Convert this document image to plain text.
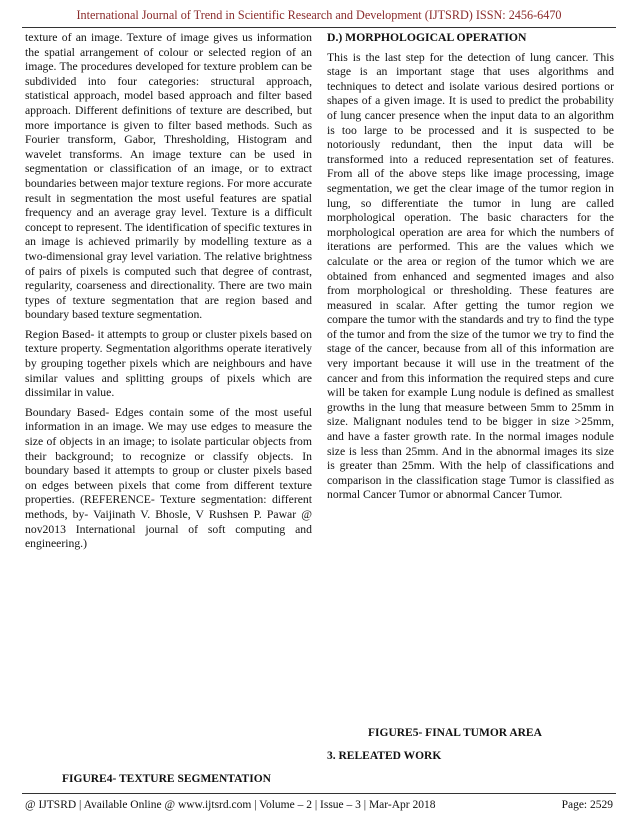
International Journal of Trend in Scientific Research and Development (IJTSRD) ISSN: 2456-6470

texture of an image. Texture of image gives us information the spatial arrangement of colour or selected region of an image. The procedures developed for texture problem can be subdivided into four categories: structural approach, statistical approach, model based approach and filter based approach. Different definitions of texture are described, but more importance is given to filter based methods. Such as Fourier transform, Gabor, Thresholding, Histogram and wavelet transforms. An image texture can be used in segmentation or classification of an image, or to extract boundaries between major texture regions. For more accurate result in segmentation the most useful features are spatial frequency and an average gray level. Texture is a difficult concept to represent. The identification of specific textures in an image is achieved primarily by modelling texture as a two-dimensional gray level variation. The relative brightness of pairs of pixels is computed such that degree of contrast, regularity, coarseness and directionality. There are two main types of texture segmentation that are region based and boundary based texture segmentation.

Region Based- it attempts to group or cluster pixels based on texture property. Segmentation algorithms operate iteratively by grouping together pixels which are neighbours and have similar values and splitting groups of pixels which are dissimilar in value.

Boundary Based- Edges contain some of the most useful information in an image. We may use edges to measure the size of objects in an image; to isolate particular objects from their background; to recognize or classify objects. In boundary based it attempts to group or cluster pixels based on edges between pixels that come from different texture properties. (REFERENCE- Texture segmentation: different methods, by- Vaijinath V. Bhosle, V Rushsen P. Pawar @ nov2013 International journal of soft computing and engineering.)

D.) MORPHOLOGICAL OPERATION

This is the last step for the detection of lung cancer. This stage is an important stage that uses algorithms and techniques to detect and isolate various desired portions or shapes of a given image. It is used to predict the probability of lung cancer presence when the input data to an algorithm is too large to be processed and it is suspected to be notoriously redundant, then the input data will be transformed into a reduced representation set of features. From all of the above steps like image processing, image segmentation, we get the clear image of the tumor region in lung, so differentiate the tumor in lung are called morphological operation. The basic characters for the morphological operation are area for which the numbers of iterations are performed. This are the values which we calculate or the area or region of the tumor which we are obtained from enhanced and segmented images and also from morphological or thresholding. These features are measured in scalar. After getting the tumor region we compare the tumor with the standards and try to find the type of the tumor and from the size of the tumor we try to find the stage of the cancer, because from all of this information are very important because it will use in the treatment of the cancer and from this information the required steps and cure will be taken for example Lung nodule is defined as smallest growths in the lung that measure between 5mm to 25mm in size. Malignant nodules tend to be bigger in size >25mm, and have a faster growth rate. In the normal images nodule size is less than 25mm. And in the abnormal images its size is greater than 25mm. With the help of classifications and comparison in the classification stage Tumor is classified as normal Cancer Tumor or abnormal Cancer Tumor.

FIGURE5- FINAL TUMOR AREA
3. RELEATED WORK
FIGURE4- TEXTURE SEGMENTATION
@ IJTSRD | Available Online @ www.ijtsrd.com | Volume – 2 | Issue – 3 | Mar-Apr 2018	Page: 2529
